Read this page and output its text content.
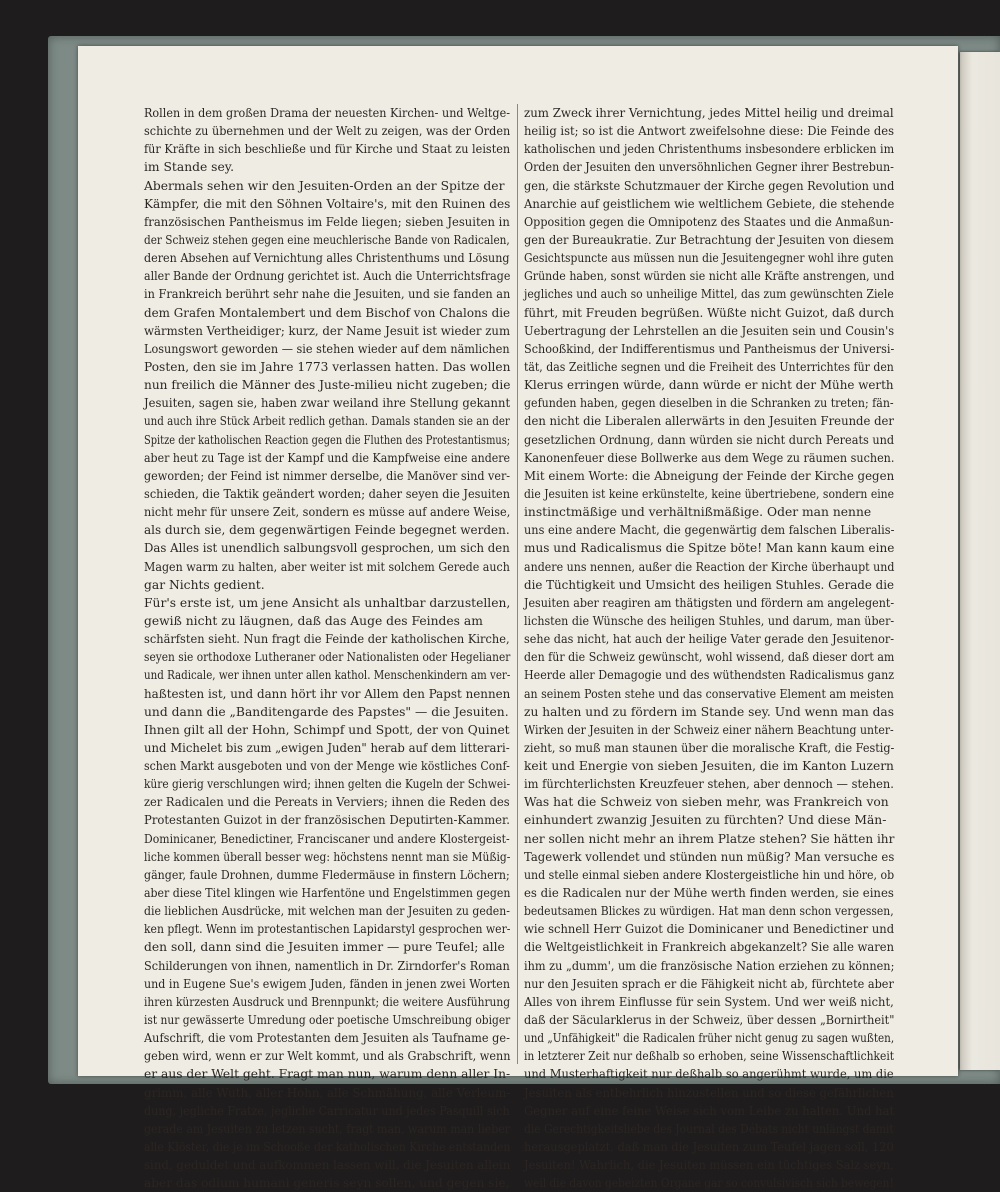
Rollen in dem großen Drama der neuesten Kirchen- und Weltge-
schichte zu übernehmen und der Welt zu zeigen, was der Orden
für Kräfte in sich beschließe und für Kirche und Staat zu leisten
im Stande sey.
Abermals sehen wir den Jesuiten-Orden an der Spitze der
Kämpfer, die mit den Söhnen Voltaire's, mit den Ruinen des
französischen Pantheismus im Felde liegen; sieben Jesuiten in
der Schweiz stehen gegen eine meuchlerische Bande von Radicalen,
deren Absehen auf Vernichtung alles Christenthums und Lösung
aller Bande der Ordnung gerichtet ist. Auch die Unterrichtsfrage
in Frankreich berührt sehr nahe die Jesuiten, und sie fanden an
dem Grafen Montalembert und dem Bischof von Chalons die
wärmsten Vertheidiger; kurz, der Name Jesuit ist wieder zum
Losungswort geworden — sie stehen wieder auf dem nämlichen
Posten, den sie im Jahre 1773 verlassen hatten. Das wollen
nun freilich die Männer des Juste-milieu nicht zugeben; die
Jesuiten, sagen sie, haben zwar weiland ihre Stellung gekannt
und auch ihre Stück Arbeit redlich gethan. Damals standen sie an der
Spitze der katholischen Reaction gegen die Fluthen des Protestantismus;
aber heut zu Tage ist der Kampf und die Kampfweise eine andere
geworden; der Feind ist nimmer derselbe, die Manöver sind ver-
schieden, die Taktik geändert worden; daher seyen die Jesuiten
nicht mehr für unsere Zeit, sondern es müsse auf andere Weise,
als durch sie, dem gegenwärtigen Feinde begegnet werden.
Das Alles ist unendlich salbungsvoll gesprochen, um sich den
Magen warm zu halten, aber weiter ist mit solchem Gerede auch
gar Nichts gedient.
Für's erste ist, um jene Ansicht als unhaltbar darzustellen,
gewiß nicht zu läugnen, daß das Auge des Feindes am
schärfsten sieht. Nun fragt die Feinde der katholischen Kirche,
seyen sie orthodoxe Lutheraner oder Nationalisten oder Hegelianer
und Radicale, wer ihnen unter allen kathol. Menschenkindern am ver-
haßtesten ist, und dann hört ihr vor Allem den Papst nennen
und dann die „Banditengarde des Papstes" — die Jesuiten.
Ihnen gilt all der Hohn, Schimpf und Spott, der von Quinet
und Michelet bis zum „ewigen Juden" herab auf dem litterari-
schen Markt ausgeboten und von der Menge wie köstliches Conf-
küre gierig verschlungen wird; ihnen gelten die Kugeln der Schwei-
zer Radicalen und die Pereats in Verviers; ihnen die Reden des
Protestanten Guizot in der französischen Deputirten-Kammer.
Dominicaner, Benedictiner, Franciscaner und andere Klostergeist-
liche kommen überall besser weg: höchstens nennt man sie Müßig-
gänger, faule Drohnen, dumme Fledermäuse in finstern Löchern;
aber diese Titel klingen wie Harfentöne und Engelstimmen gegen
die lieblichen Ausdrücke, mit welchen man der Jesuiten zu geden-
ken pflegt. Wenn im protestantischen Lapidarstyl gesprochen wer-
den soll, dann sind die Jesuiten immer — pure Teufel; alle
Schilderungen von ihnen, namentlich in Dr. Zirndorfer's Roman
und in Eugene Sue's ewigem Juden, fänden in jenen zwei Worten
ihren kürzesten Ausdruck und Brennpunkt; die weitere Ausführung
ist nur gewässerte Umredung oder poetische Umschreibung obiger
Aufschrift, die vom Protestanten dem Jesuiten als Taufname ge-
geben wird, wenn er zur Welt kommt, und als Grabschrift, wenn
er aus der Welt geht. Fragt man nun, warum denn aller In-
grimm, alle Wuth, aller Hohn, alle Schmähung, alle Verleum-
dung, jegliche Fratze, jegliche Carricatur und jedes Pasquill sich
gerade am Jesuiten zu letzen sucht, fragt man, warum man lieber
alle Klöster, die je im Schooße der katholischen Kirche entstanden
sind, geduldet und aufkommen lassen will, die Jesuiten allein
aber das odium humani generis seyn sollen, und gegen sie,
zum Zweck ihrer Vernichtung, jedes Mittel heilig und dreimal
heilig ist; so ist die Antwort zweifelsohne diese: Die Feinde des
katholischen und jeden Christenthums insbesondere erblicken im
Orden der Jesuiten den unversöhnlichen Gegner ihrer Bestrebun-
gen, die stärkste Schutzmauer der Kirche gegen Revolution und
Anarchie auf geistlichem wie weltlichem Gebiete, die stehende
Opposition gegen die Omnipotenz des Staates und die Anmaßun-
gen der Bureaukratie. Zur Betrachtung der Jesuiten von diesem
Gesichtspuncte aus müssen nun die Jesuitengegner wohl ihre guten
Gründe haben, sonst würden sie nicht alle Kräfte anstrengen, und
jegliches und auch so unheilige Mittel, das zum gewünschten Ziele
führt, mit Freuden begrüßen. Wüßte nicht Guizot, daß durch
Uebertragung der Lehrstellen an die Jesuiten sein und Cousin's
Schooßkind, der Indifferentismus und Pantheismus der Universi-
tät, das Zeitliche segnen und die Freiheit des Unterrichtes für den
Klerus erringen würde, dann würde er nicht der Mühe werth
gefunden haben, gegen dieselben in die Schranken zu treten; fän-
den nicht die Liberalen allerwärts in den Jesuiten Freunde der
gesetzlichen Ordnung, dann würden sie nicht durch Pereats und
Kanonenfeuer diese Bollwerke aus dem Wege zu räumen suchen.
Mit einem Worte: die Abneigung der Feinde der Kirche gegen
die Jesuiten ist keine erkünstelte, keine übertriebene, sondern eine
instinctmäßige und verhältnißmäßige. Oder man nenne
uns eine andere Macht, die gegenwärtig dem falschen Liberalis-
mus und Radicalismus die Spitze böte! Man kann kaum eine
andere uns nennen, außer die Reaction der Kirche überhaupt und
die Tüchtigkeit und Umsicht des heiligen Stuhles. Gerade die
Jesuiten aber reagiren am thätigsten und fördern am angelegent-
lichsten die Wünsche des heiligen Stuhles, und darum, man über-
sehe das nicht, hat auch der heilige Vater gerade den Jesuitenor-
den für die Schweiz gewünscht, wohl wissend, daß dieser dort am
Heerde aller Demagogie und des wüthendsten Radicalismus ganz
an seinem Posten stehe und das conservative Element am meisten
zu halten und zu fördern im Stande sey. Und wenn man das
Wirken der Jesuiten in der Schweiz einer nähern Beachtung unter-
zieht, so muß man staunen über die moralische Kraft, die Festig-
keit und Energie von sieben Jesuiten, die im Kanton Luzern
im fürchterlichsten Kreuzfeuer stehen, aber dennoch — stehen.
Was hat die Schweiz von sieben mehr, was Frankreich von
einhundert zwanzig Jesuiten zu fürchten? Und diese Män-
ner sollen nicht mehr an ihrem Platze stehen? Sie hätten ihr
Tagewerk vollendet und stünden nun müßig? Man versuche es
und stelle einmal sieben andere Klostergeistliche hin und höre, ob
es die Radicalen nur der Mühe werth finden werden, sie eines
bedeutsamen Blickes zu würdigen. Hat man denn schon vergessen,
wie schnell Herr Guizot die Dominicaner und Benedictiner und
die Weltgeistlichkeit in Frankreich abgekanzelt? Sie alle waren
ihm zu „dumm', um die französische Nation erziehen zu können;
nur den Jesuiten sprach er die Fähigkeit nicht ab, fürchtete aber
Alles von ihrem Einflusse für sein System. Und wer weiß nicht,
daß der Säcularklerus in der Schweiz, über dessen „Bornirtheit"
und „Unfähigkeit" die Radicalen früher nicht genug zu sagen wußten,
in letzterer Zeit nur deßhalb so erhoben, seine Wissenschaftlichkeit
und Musterhaftigkeit nur deßhalb so angerühmt wurde, um die
Jesuiten als entbehrlich hinzustellen und so diese gefährlichen
Gegner auf eine feine Weise sich vom Leibe zu halten. Und hat
die Gerechtigkeitsliebe des Journal des Débats nicht unlängst damit
herausgeplatzt, daß man die Jesuiten zum Teufel jagen soll, 120
Jesuiten! Wahrlich, die Jesuiten müssen ein tüchtiges Salz seyn,
weil die davon gebeizten Organe gar so convulsivisch sich bewegen!
